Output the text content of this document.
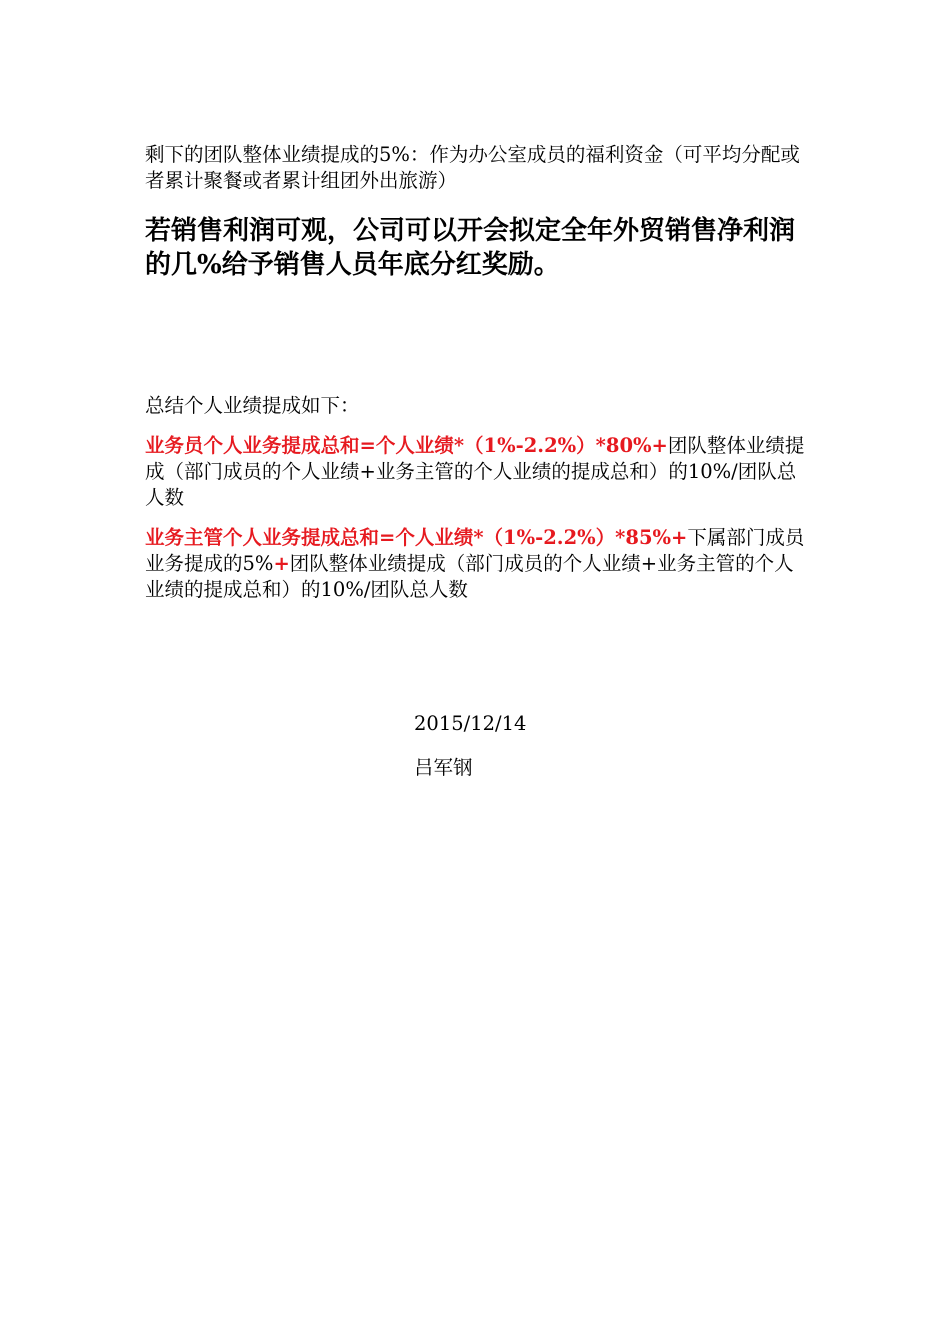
剩下的团队整体业绩提成的5%：作为办公室成员的福利资金（可平均分配或者累计聚餐或者累计组团外出旅游）

若销售利润可观，公司可以开会拟定全年外贸销售净利润的几%给予销售人员年底分红奖励。

总结个人业绩提成如下：

业务员个人业务提成总和=个人业绩*（1%-2.2%）*80%+团队整体业绩提成（部门成员的个人业绩+业务主管的个人业绩的提成总和）的10%/团队总人数

业务主管个人业务提成总和=个人业绩*（1%-2.2%）*85%+下属部门成员业务提成的5%+团队整体业绩提成（部门成员的个人业绩+业务主管的个人业绩的提成总和）的10%/团队总人数

2015/12/14

吕军钢
